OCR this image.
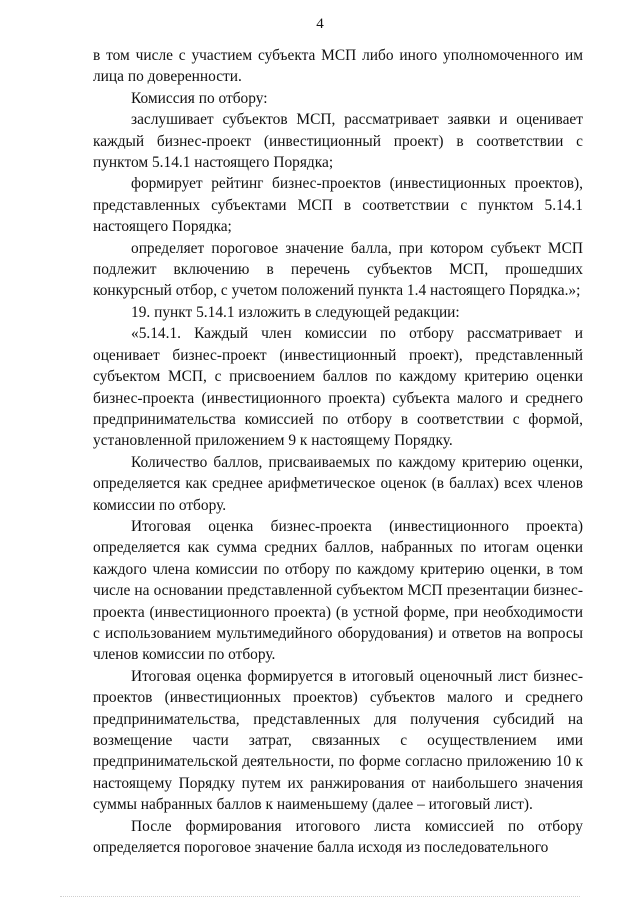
4

в том числе с участием субъекта МСП либо иного уполномоченного им лица по доверенности.

Комиссия по отбору:

заслушивает субъектов МСП, рассматривает заявки и оценивает каждый бизнес-проект (инвестиционный проект) в соответствии с пунктом 5.14.1 настоящего Порядка;

формирует рейтинг бизнес-проектов (инвестиционных проектов), представленных субъектами МСП в соответствии с пунктом 5.14.1 настоящего Порядка;

определяет пороговое значение балла, при котором субъект МСП подлежит включению в перечень субъектов МСП, прошедших конкурсный отбор, с учетом положений пункта 1.4 настоящего Порядка.»;

19. пункт 5.14.1 изложить в следующей редакции:

«5.14.1. Каждый член комиссии по отбору рассматривает и оценивает бизнес-проект (инвестиционный проект), представленный субъектом МСП, с присвоением баллов по каждому критерию оценки бизнес-проекта (инвестиционного проекта) субъекта малого и среднего предпринимательства комиссией по отбору в соответствии с формой, установленной приложением 9 к настоящему Порядку.

Количество баллов, присваиваемых по каждому критерию оценки, определяется как среднее арифметическое оценок (в баллах) всех членов комиссии по отбору.

Итоговая оценка бизнес-проекта (инвестиционного проекта) определяется как сумма средних баллов, набранных по итогам оценки каждого члена комиссии по отбору по каждому критерию оценки, в том числе на основании представленной субъектом МСП презентации бизнес-проекта (инвестиционного проекта) (в устной форме, при необходимости с использованием мультимедийного оборудования) и ответов на вопросы членов комиссии по отбору.

Итоговая оценка формируется в итоговый оценочный лист бизнес-проектов (инвестиционных проектов) субъектов малого и среднего предпринимательства, представленных для получения субсидий на возмещение части затрат, связанных с осуществлением ими предпринимательской деятельности, по форме согласно приложению 10 к настоящему Порядку путем их ранжирования от наибольшего значения суммы набранных баллов к наименьшему (далее – итоговый лист).

После формирования итогового листа комиссией по отбору определяется пороговое значение балла исходя из последовательного
